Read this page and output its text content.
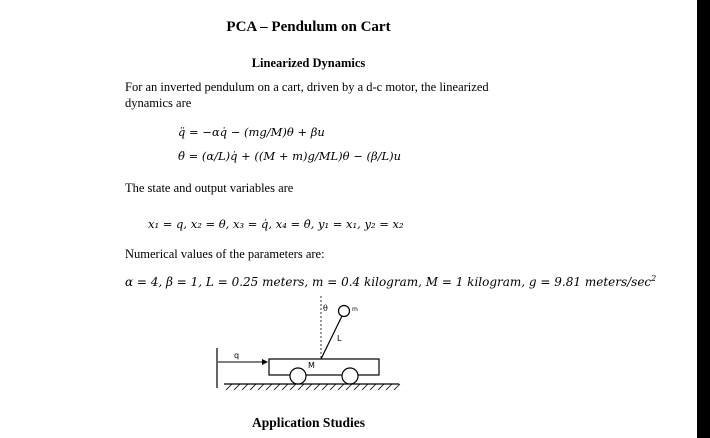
PCA – Pendulum on Cart
Linearized Dynamics

For an inverted pendulum on a cart, driven by a d-c motor, the linearized dynamics are

q̈ = −αq̇ − (mg/M)θ + βu
θ̈ = (α/L)q̇ + ((M + m)g/ML)θ − (β/L)u

The state and output variables are

x₁ = q, x₂ = θ, x₃ = q̇, x₄ = θ̇, y₁ = x₁, y₂ = x₂

Numerical values of the parameters are:

α = 4, β = 1, L = 0.25 meters, m = 0.4 kilogram, M = 1 kilogram, g = 9.81 meters/$\sec^2$
q
M
m
θ
L
Application Studies
